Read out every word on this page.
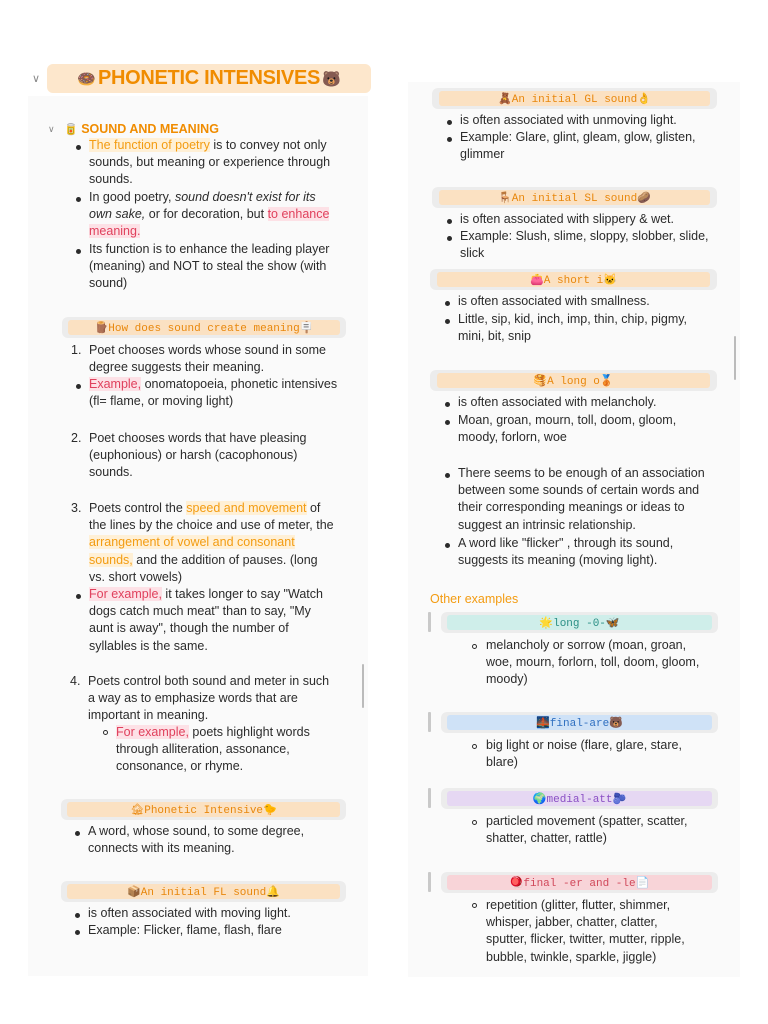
∨ 🍩 PHONETIC INTENSIVES 🐻
∨ 🥫 SOUND AND MEANING
The function of poetry is to convey not only
sounds, but meaning or experience through
sounds.
In good poetry, sound doesn't exist for its
own sake, or for decoration, but to enhance
meaning.
Its function is to enhance the leading player
(meaning) and NOT to steal the show (with
sound)
🪵How does sound create meaning🪧
1. Poet chooses words whose sound in some
degree suggests their meaning.
Example, onomatopoeia, phonetic intensives
(fl= flame, or moving light)
2. Poet chooses words that have pleasing
(euphonious) or harsh (cacophonous)
sounds.
3. Poets control the speed and movement of
the lines by the choice and use of meter, the
arrangement of vowel and consonant
sounds, and the addition of pauses. (long
vs. short vowels)
For example, it takes longer to say "Watch
dogs catch much meat" than to say, "My
aunt is away", though the number of
syllables is the same.
4. Poets control both sound and meter in such
a way as to emphasize words that are
important in meaning.
For example, poets highlight words
through alliteration, assonance,
consonance, or rhyme.
🏚Phonetic Intensive🐤
A word, whose sound, to some degree,
connects with its meaning.
📦An initial FL sound🔔
is often associated with moving light.
Example: Flicker, flame, flash, flare
🧸An initial GL sound👌
is often associated with unmoving light.
Example: Glare, glint, gleam, glow, glisten,
glimmer
🪑An initial SL sound🥔
is often associated with slippery & wet.
Example: Slush, slime, sloppy, slobber, slide,
slick
👛A short i🐱
is often associated with smallness.
Little, sip, kid, inch, imp, thin, chip, pigmy,
mini, bit, snip
🥞A long o🥉
is often associated with melancholy.
Moan, groan, mourn, toll, doom, gloom,
moody, forlorn, woe
There seems to be enough of an association
between some sounds of certain words and
their corresponding meanings or ideas to
suggest an intrinsic relationship.
A word like "flicker" , through its sound,
suggests its meaning (moving light).
Other examples
🌟long -0-🦋
melancholy or sorrow (moan, groan,
woe, mourn, forlorn, toll, doom, gloom,
moody)
🌉final-are🐻
big light or noise (flare, glare, stare,
blare)
🌍medial-att🫐
particled movement (spatter, scatter,
shatter, chatter, rattle)
🪀final -er and -le📄
repetition (glitter, flutter, shimmer,
whisper, jabber, chatter, clatter,
sputter, flicker, twitter, mutter, ripple,
bubble, twinkle, sparkle, jiggle)
